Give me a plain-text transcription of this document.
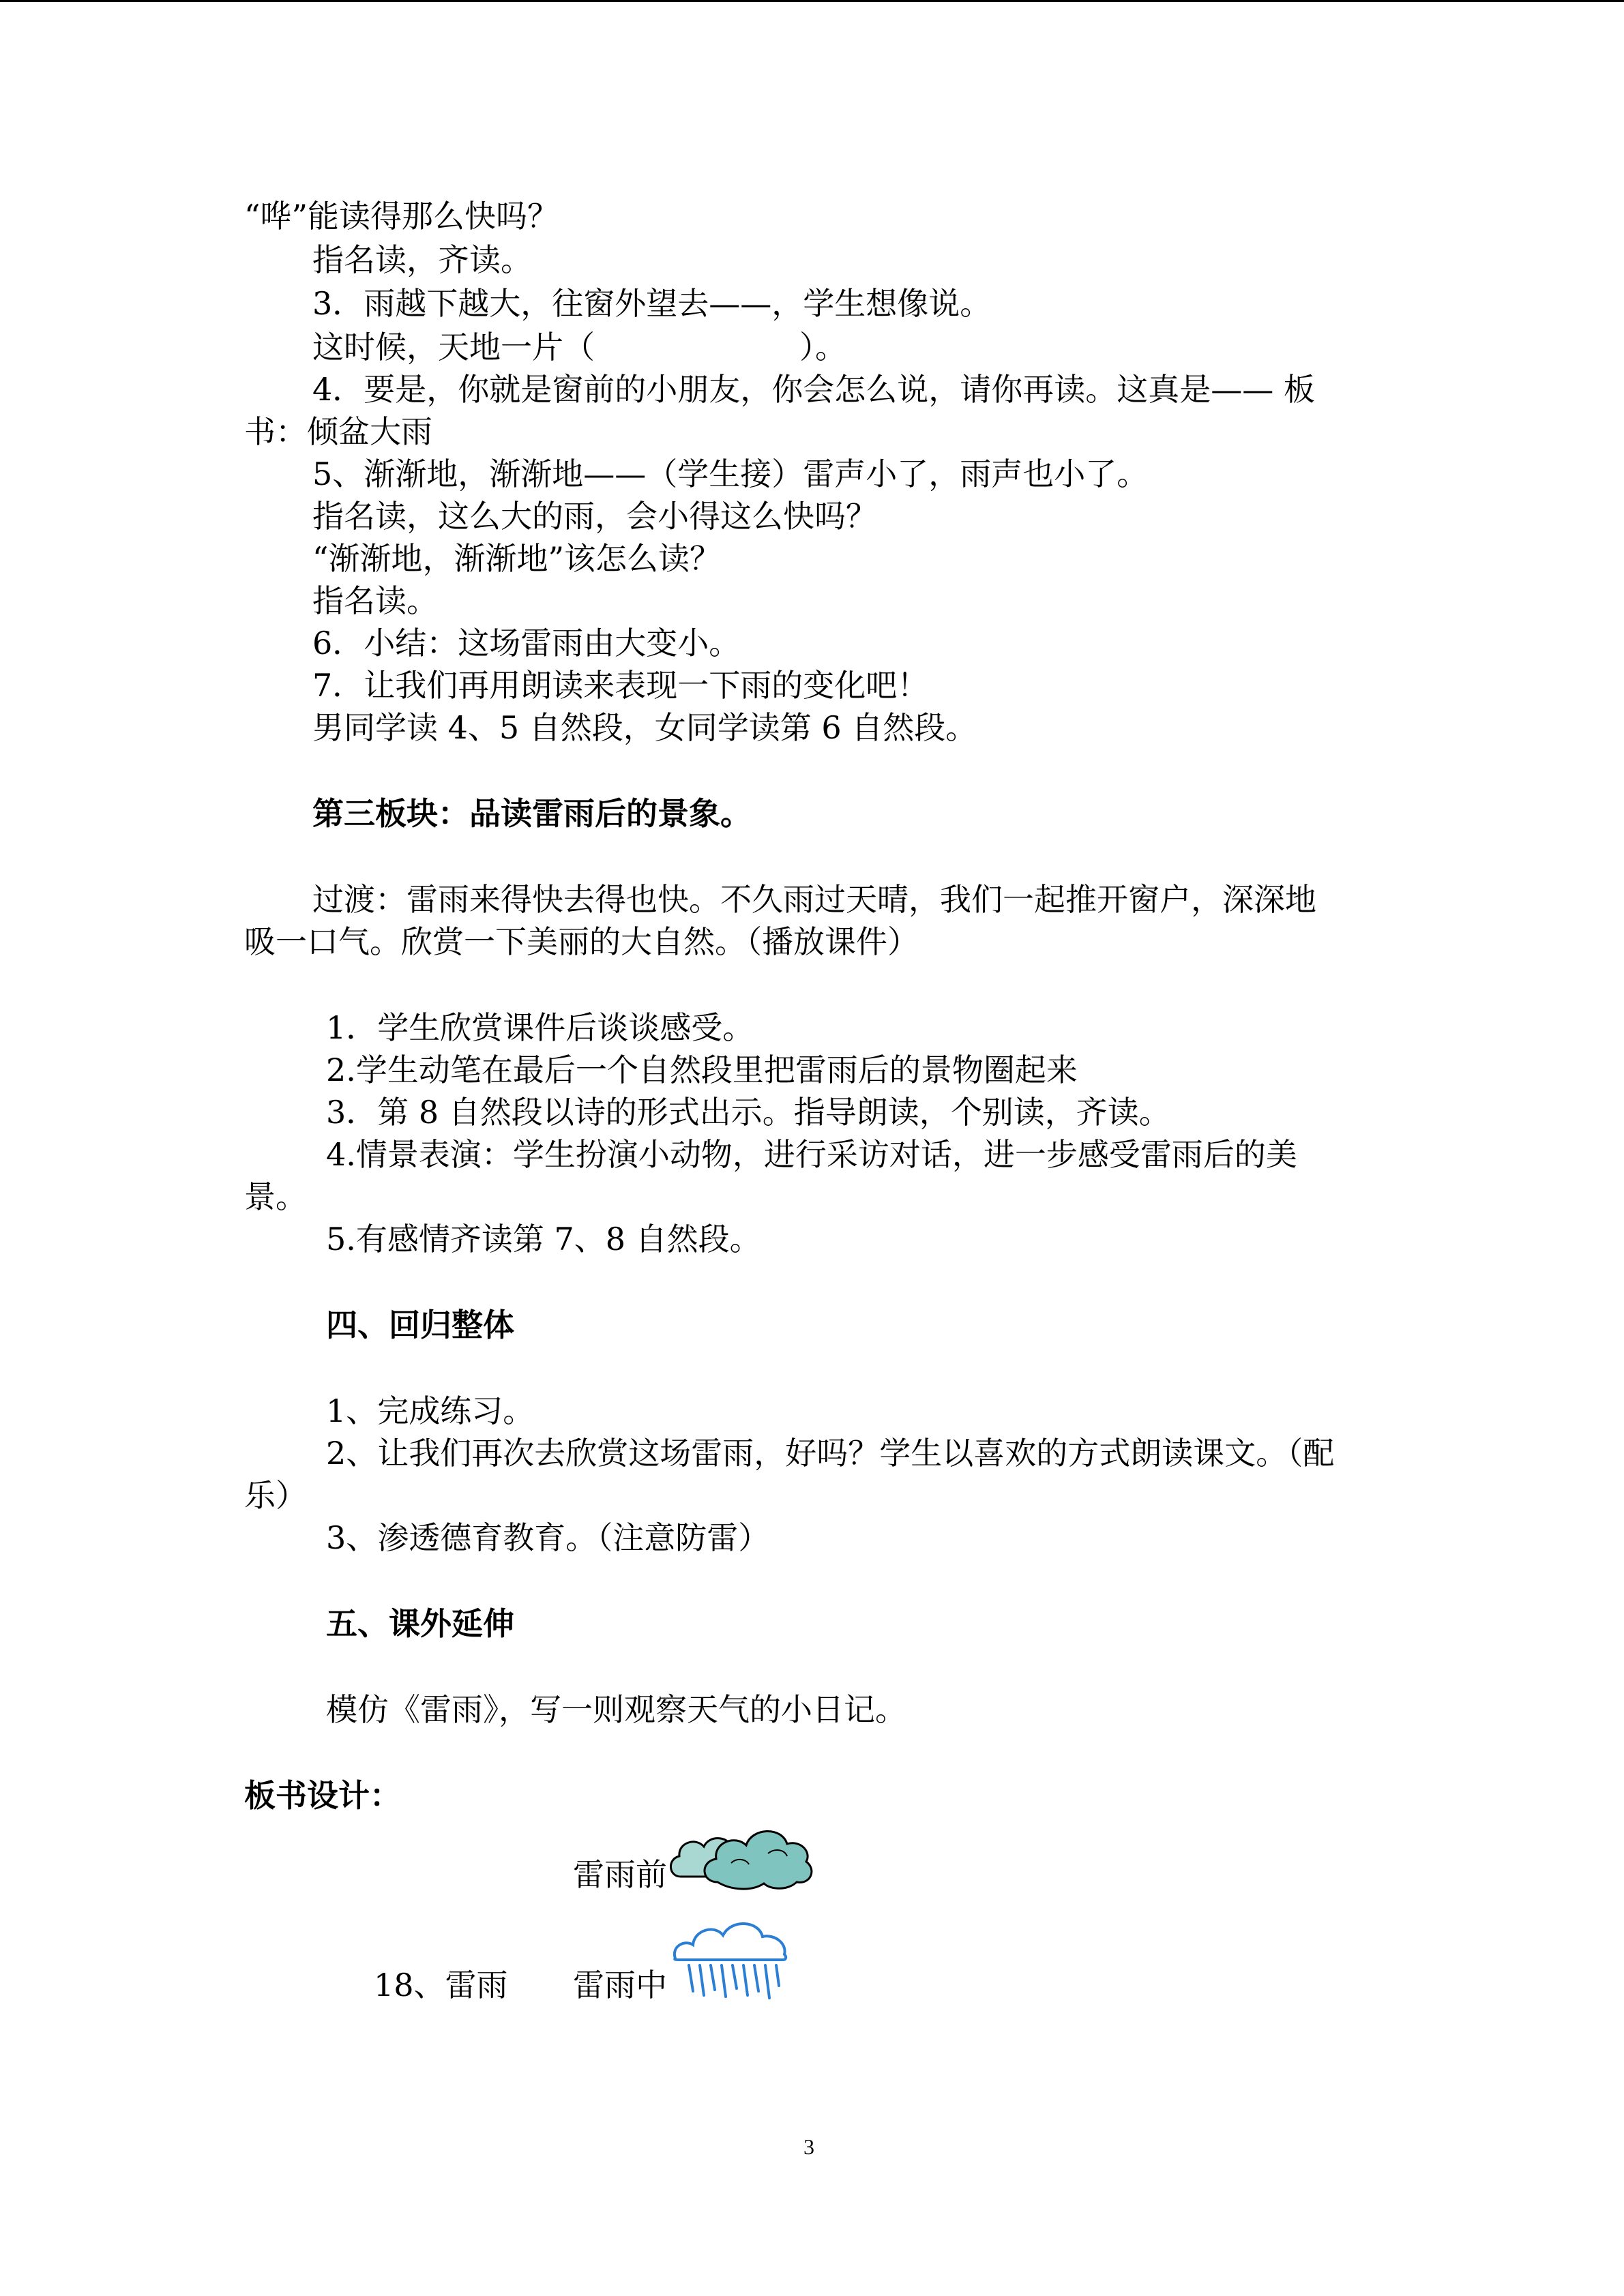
“哗”能读得那么快吗？
指名读，齐读。
3．雨越下越大，往窗外望去——，学生想像说。
这时候，天地一片（	）。
4．要是，你就是窗前的小朋友，你会怎么说，请你再读。这真是—— 板
书：倾盆大雨
5、渐渐地，渐渐地——（学生接）雷声小了，雨声也小了。
指名读，这么大的雨，会小得这么快吗？
“渐渐地，渐渐地”该怎么读？
指名读。
6．小结：这场雷雨由大变小。
7．让我们再用朗读来表现一下雨的变化吧！
男同学读 4、5 自然段，女同学读第 6 自然段。
第三板块：品读雷雨后的景象。
过渡：雷雨来得快去得也快。不久雨过天晴，我们一起推开窗户，深深地
吸一口气。欣赏一下美丽的大自然。（播放课件）
1．学生欣赏课件后谈谈感受。
2.学生动笔在最后一个自然段里把雷雨后的景物圈起来
3．第 8 自然段以诗的形式出示。指导朗读，个别读，齐读。
4.情景表演：学生扮演小动物，进行采访对话，进一步感受雷雨后的美
景。
5.有感情齐读第 7、8 自然段。
四、回归整体
1、完成练习。
2、让我们再次去欣赏这场雷雨，好吗？学生以喜欢的方式朗读课文。（配
乐）
3、渗透德育教育。（注意防雷）
五、课外延伸
模仿《雷雨》，写一则观察天气的小日记。
板书设计：
雷雨前
18、雷雨 雷雨中
3
